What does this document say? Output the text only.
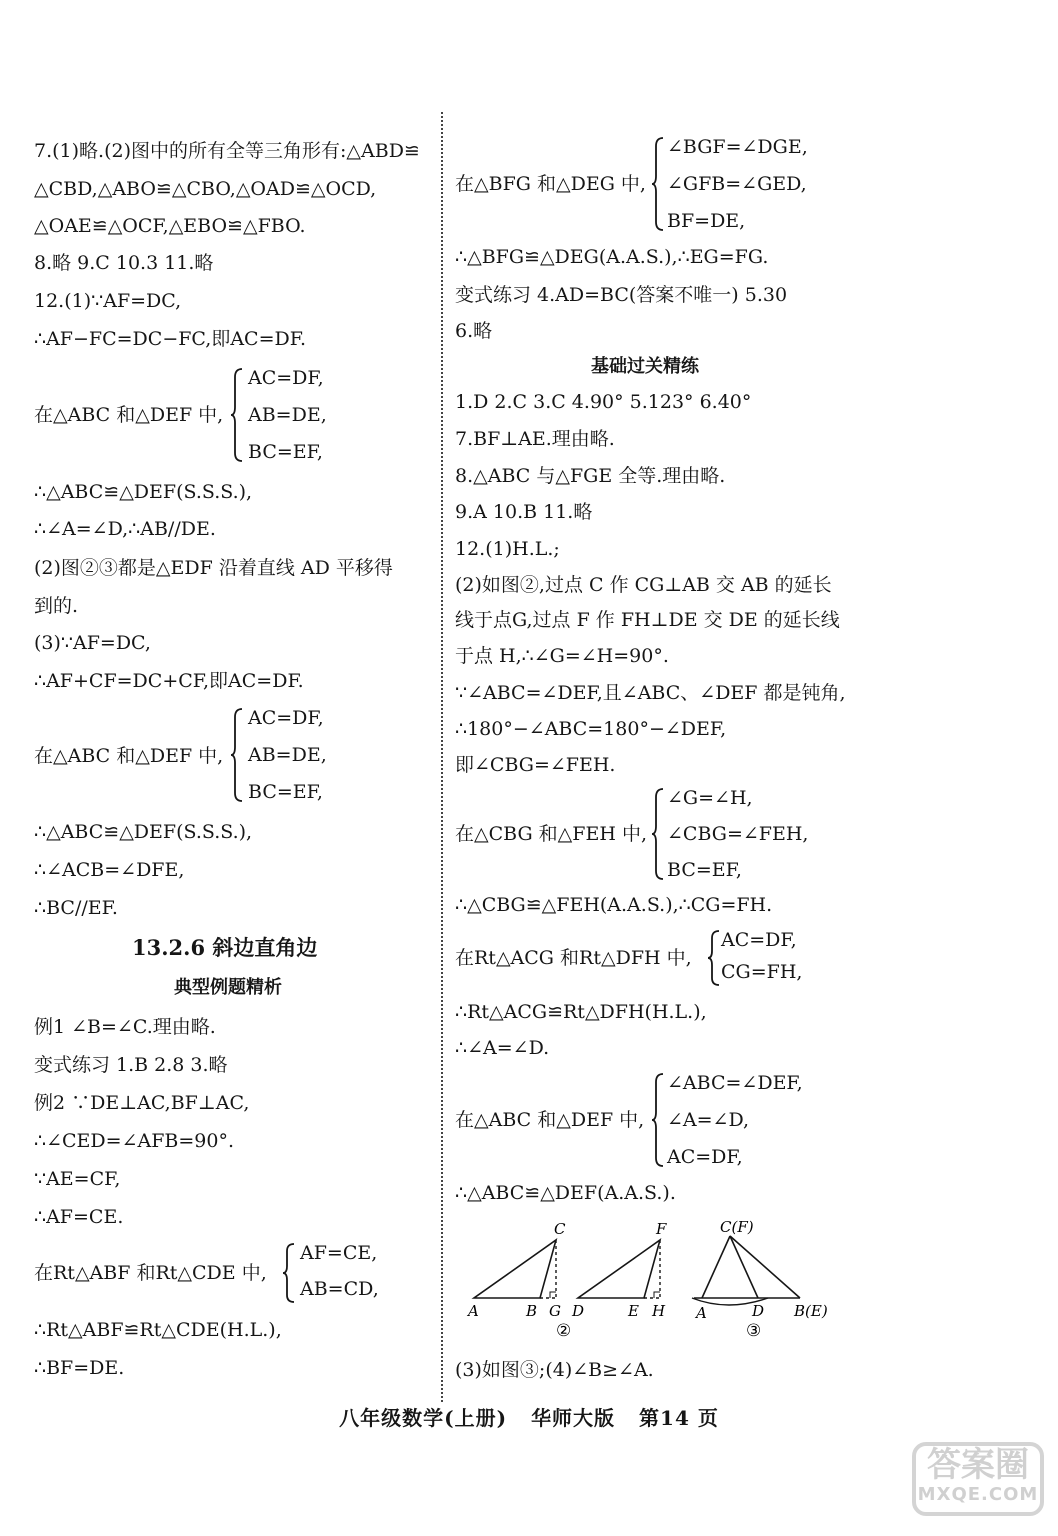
7.(1)略.(2)图中的所有全等三角形有:△ABD≌
△CBD,△ABO≌△CBO,△OAD≌△OCD,
△OAE≌△OCF,△EBO≌△FBO.
8.略 9.C 10.3 11.略
12.(1)∵AF=DC,
∴AF−FC=DC−FC,即AC=DF.
在△ABC 和△DEF 中,
AC=DF,
AB=DE,
BC=EF,
∴△ABC≌△DEF(S.S.S.),
∴∠A=∠D,∴AB//DE.
(2)图②③都是△EDF 沿着直线 AD 平移得
到的.
(3)∵AF=DC,
∴AF+CF=DC+CF,即AC=DF.
在△ABC 和△DEF 中,
AC=DF,
AB=DE,
BC=EF,
∴△ABC≌△DEF(S.S.S.),
∴∠ACB=∠DFE,
∴BC//EF.
13.2.6 斜边直角边
典型例题精析
例1 ∠B=∠C.理由略.
变式练习 1.B 2.8 3.略
例2 ∵DE⊥AC,BF⊥AC,
∴∠CED=∠AFB=90°.
∵AE=CF,
∴AF=CE.
在Rt△ABF 和Rt△CDE 中,
AF=CE,
AB=CD,
∴Rt△ABF≌Rt△CDE(H.L.),
∴BF=DE.
在△BFG 和△DEG 中,
∠BGF=∠DGE,
∠GFB=∠GED,
BF=DE,
∴△BFG≌△DEG(A.A.S.),∴EG=FG.
变式练习 4.AD=BC(答案不唯一) 5.30
6.略
基础过关精练
1.D 2.C 3.C 4.90° 5.123° 6.40°
7.BF⊥AE.理由略.
8.△ABC 与△FGE 全等.理由略.
9.A 10.B 11.略
12.(1)H.L.;
(2)如图②,过点 C 作 CG⊥AB 交 AB 的延长
线于点G,过点 F 作 FH⊥DE 交 DE 的延长线
于点 H,∴∠G=∠H=90°.
∵∠ABC=∠DEF,且∠ABC、∠DEF 都是钝角,
∴180°−∠ABC=180°−∠DEF,
即∠CBG=∠FEH.
在△CBG 和△FEH 中,
∠G=∠H,
∠CBG=∠FEH,
BC=EF,
∴△CBG≌△FEH(A.A.S.),∴CG=FH.
在Rt△ACG 和Rt△DFH 中,
AC=DF,
CG=FH,
∴Rt△ACG≌Rt△DFH(H.L.),
∴∠A=∠D.
在△ABC 和△DEF 中,
∠ABC=∠DEF,
∠A=∠D,
AC=DF,
∴△ABC≌△DEF(A.A.S.).
(3)如图③;(4)∠B≥∠A.
A	B G
C
D	E H
F
②
C(F)
A	D B(E)
③
八年级数学(上册) 华师大版 第14 页
答案圈
MXQE.COM
